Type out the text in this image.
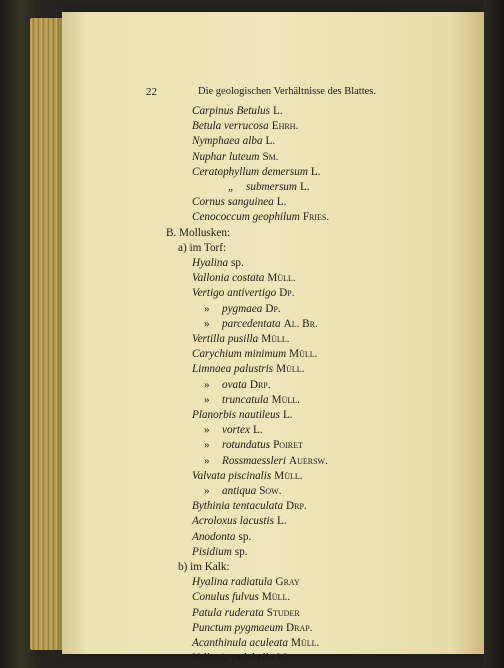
22	Die geologischen Verhältnisse des Blattes.
Carpinus Betulus L.
Betula verrucosa Ehrh.
Nymphaea alba L.
Nuphar luteum Sm.
Ceratophyllum demersum L.
„ submersum L.
Cornus sanguinea L.
Cenococcum geophilum Fries.
B. Mollusken:
a) im Torf:
Hyalina sp.
Vallonia costata Müll.
Vertigo antivertigo Dp.
» pygmaea Dp.
» parcedentata Al. Br.
Vertilla pusilla Müll.
Carychium minimum Müll.
Limnaea palustris Müll.
» ovata Drp.
» truncatula Müll.
Planorbis nautileus L.
» vortex L.
» rotundatus Poiret
» Rossmaessleri Auersw.
Valvata piscinalis Müll.
» antiqua Sow.
Bythinia tentaculata Drp.
Acroloxus lacustis L.
Anodonta sp.
Pisidium sp.
b) im Kalk:
Hyalina radiatula Gray
Conulus fulvus Müll.
Patula ruderata Studer
Punctum pygmaeum Drap.
Acanthinula aculeata Müll.
Vallonia pulchella Müll.
